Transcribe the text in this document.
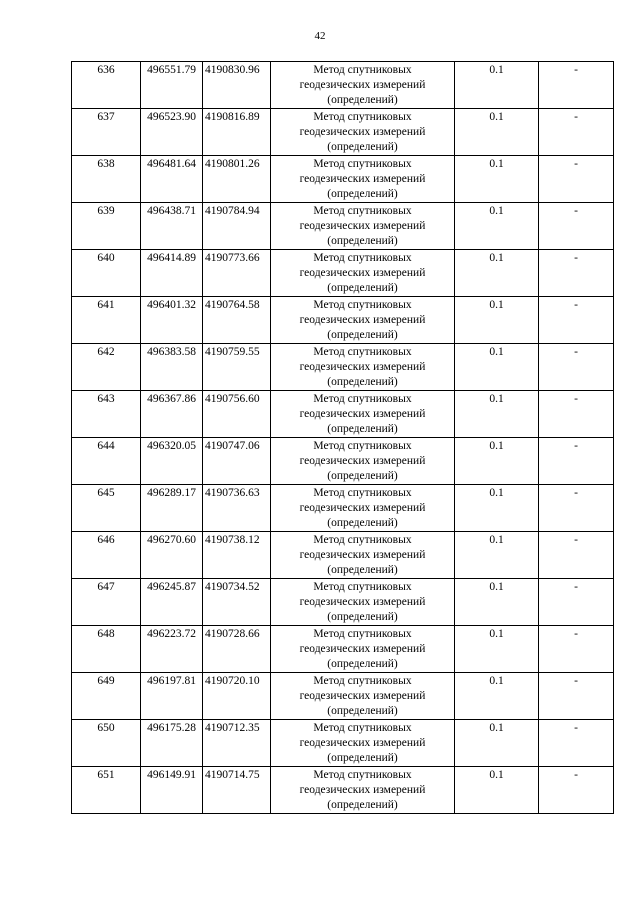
42
636	496551.79	4190830.96	Метод спутниковых
геодезических измерений
(определений)	0.1	-
637	496523.90	4190816.89	Метод спутниковых
геодезических измерений
(определений)	0.1	-
638	496481.64	4190801.26	Метод спутниковых
геодезических измерений
(определений)	0.1	-
639	496438.71	4190784.94	Метод спутниковых
геодезических измерений
(определений)	0.1	-
640	496414.89	4190773.66	Метод спутниковых
геодезических измерений
(определений)	0.1	-
641	496401.32	4190764.58	Метод спутниковых
геодезических измерений
(определений)	0.1	-
642	496383.58	4190759.55	Метод спутниковых
геодезических измерений
(определений)	0.1	-
643	496367.86	4190756.60	Метод спутниковых
геодезических измерений
(определений)	0.1	-
644	496320.05	4190747.06	Метод спутниковых
геодезических измерений
(определений)	0.1	-
645	496289.17	4190736.63	Метод спутниковых
геодезических измерений
(определений)	0.1	-
646	496270.60	4190738.12	Метод спутниковых
геодезических измерений
(определений)	0.1	-
647	496245.87	4190734.52	Метод спутниковых
геодезических измерений
(определений)	0.1	-
648	496223.72	4190728.66	Метод спутниковых
геодезических измерений
(определений)	0.1	-
649	496197.81	4190720.10	Метод спутниковых
геодезических измерений
(определений)	0.1	-
650	496175.28	4190712.35	Метод спутниковых
геодезических измерений
(определений)	0.1	-
651	496149.91	4190714.75	Метод спутниковых
геодезических измерений
(определений)	0.1	-
